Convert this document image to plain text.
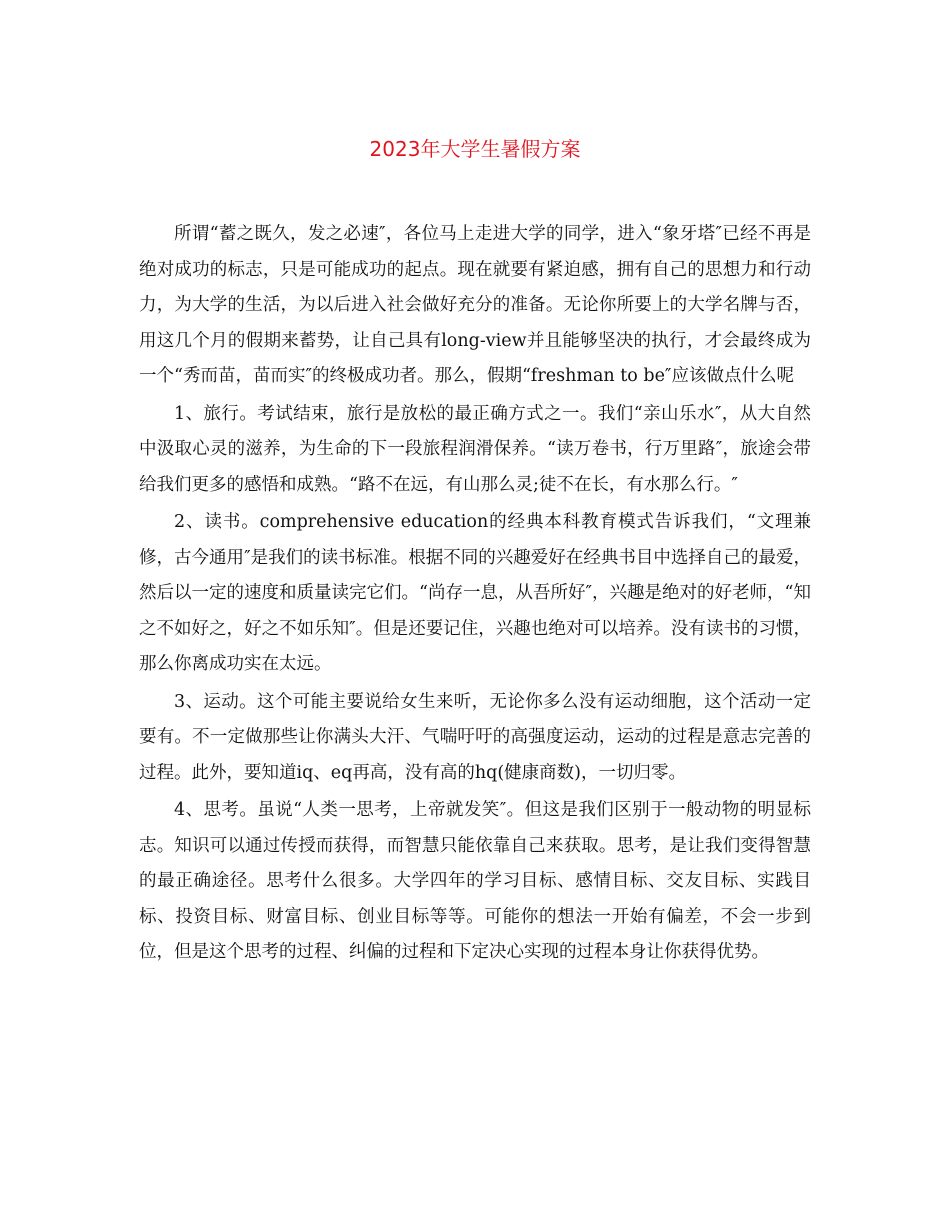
2023年大学生暑假方案

所谓“蓄之既久，发之必速″，各位马上走进大学的同学，进入“象牙塔″已经不再是绝对成功的标志，只是可能成功的起点。现在就要有紧迫感，拥有自己的思想力和行动力，为大学的生活，为以后进入社会做好充分的准备。无论你所要上的大学名牌与否，用这几个月的假期来蓄势，让自己具有long-view并且能够坚决的执行，才会最终成为一个“秀而苗，苗而实″的终极成功者。那么，假期“freshman to be″应该做点什么呢

1、旅行。考试结束，旅行是放松的最正确方式之一。我们“亲山乐水″，从大自然中汲取心灵的滋养，为生命的下一段旅程润滑保养。“读万卷书，行万里路″，旅途会带给我们更多的感悟和成熟。“路不在远，有山那么灵;徒不在长，有水那么行。″

2、读书。comprehensive education的经典本科教育模式告诉我们，“文理兼修，古今通用″是我们的读书标准。根据不同的兴趣爱好在经典书目中选择自己的最爱，然后以一定的速度和质量读完它们。“尚存一息，从吾所好″，兴趣是绝对的好老师，“知之不如好之，好之不如乐知″。但是还要记住，兴趣也绝对可以培养。没有读书的习惯，那么你离成功实在太远。

3、运动。这个可能主要说给女生来听，无论你多么没有运动细胞，这个活动一定要有。不一定做那些让你满头大汗、气喘吁吁的高强度运动，运动的过程是意志完善的过程。此外，要知道iq、eq再高，没有高的hq(健康商数)，一切归零。

4、思考。虽说“人类一思考，上帝就发笑″。但这是我们区别于一般动物的明显标志。知识可以通过传授而获得，而智慧只能依靠自己来获取。思考，是让我们变得智慧的最正确途径。思考什么很多。大学四年的学习目标、感情目标、交友目标、实践目标、投资目标、财富目标、创业目标等等。可能你的想法一开始有偏差，不会一步到位，但是这个思考的过程、纠偏的过程和下定决心实现的过程本身让你获得优势。
